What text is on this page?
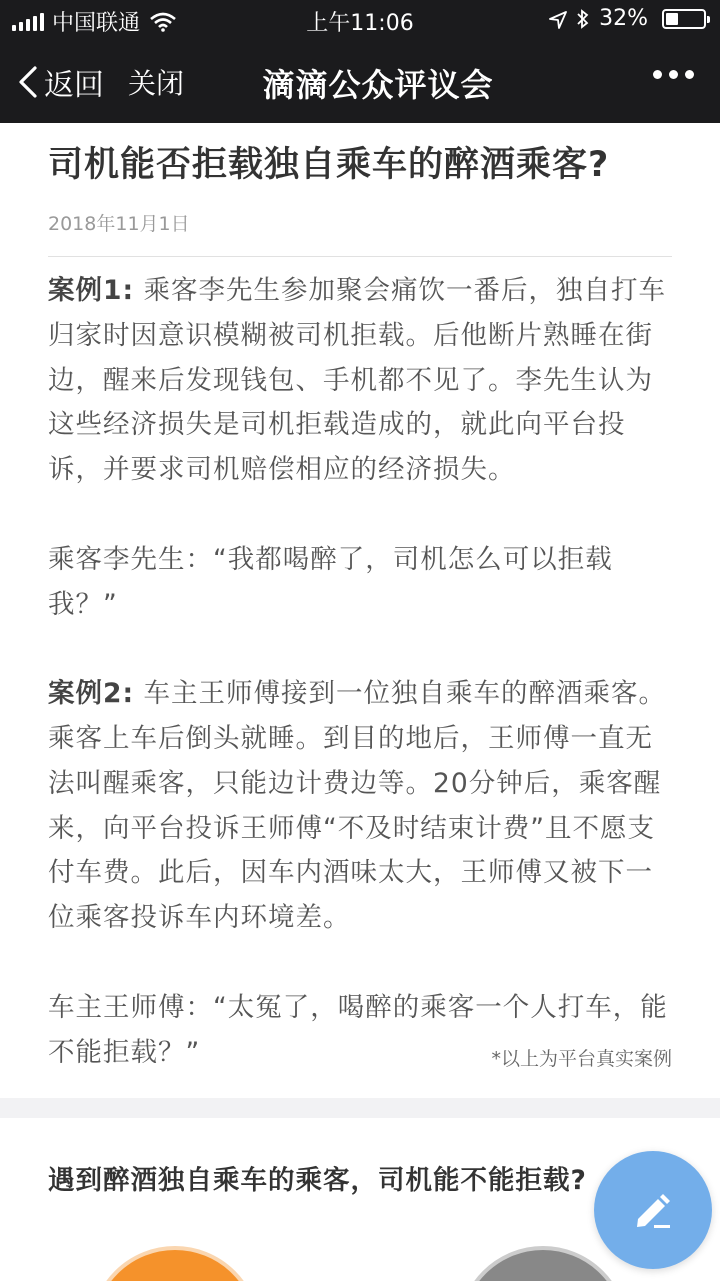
中国联通	上午11:06	32%
返回 关闭	滴滴公众评议会
司机能否拒载独自乘车的醉酒乘客?
2018年11月1日

案例1: 乘客李先生参加聚会痛饮一番后，独自打车归家时因意识模糊被司机拒载。后他断片熟睡在街边，醒来后发现钱包、手机都不见了。李先生认为这些经济损失是司机拒载造成的，就此向平台投诉，并要求司机赔偿相应的经济损失。

乘客李先生：“我都喝醉了，司机怎么可以拒载我？”

案例2: 车主王师傅接到一位独自乘车的醉酒乘客。乘客上车后倒头就睡。到目的地后，王师傅一直无法叫醒乘客，只能边计费边等。20分钟后，乘客醒来，向平台投诉王师傅“不及时结束计费”且不愿支付车费。此后，因车内酒味太大，王师傅又被下一位乘客投诉车内环境差。

车主王师傅：“太冤了，喝醉的乘客一个人打车，能不能拒载？”	*以上为平台真实案例
遇到醉酒独自乘车的乘客，司机能不能拒载?
